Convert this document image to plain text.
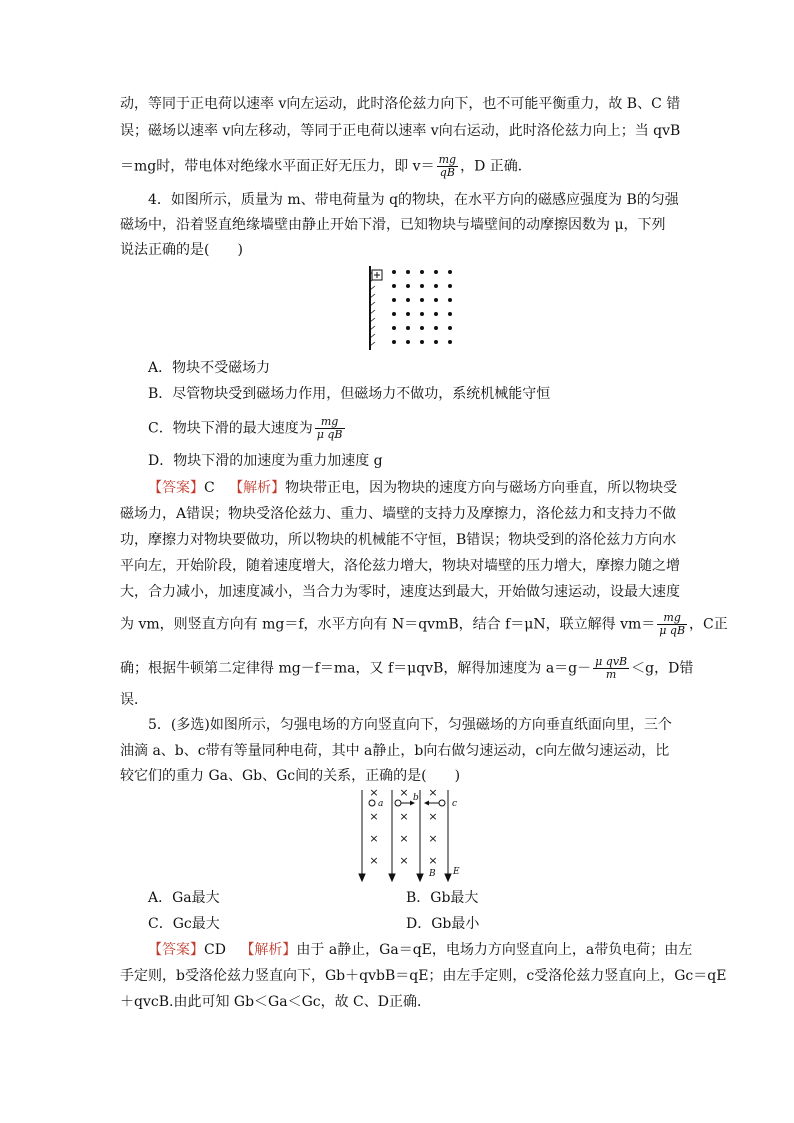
动，等同于正电荷以速率 v向左运动，此时洛伦兹力向下，也不可能平衡重力，故 B、C 错
误；磁场以速率 v向左移动，等同于正电荷以速率 v向右运动，此时洛伦兹力向上；当 qvB
＝mg时，带电体对绝缘水平面正好无压力，即 $v= \frac{mg}{qB}$ ，D 正确．
4．如图所示，质量为 m、带电荷量为 q的物块，在水平方向的磁感应强度为 B的匀强
磁场中，沿着竖直绝缘墙壁由静止开始下滑，已知物块与墙壁间的动摩擦因数为 μ，下列
说法正确的是(　　)
A．物块不受磁场力
B．尽管物块受到磁场力作用，但磁场力不做功，系统机械能守恒
C．物块下滑的最大速度为 $\frac{mg}{\text{μ qB}}$
D．物块下滑的加速度为重力加速度 g
【答案】C 【解析】物块带正电，因为物块的速度方向与磁场方向垂直，所以物块受
磁场力，A错误；物块受洛伦兹力、重力、墙壁的支持力及摩擦力，洛伦兹力和支持力不做
功，摩擦力对物块要做功，所以物块的机械能不守恒，B错误；物块受到的洛伦兹力方向水
平向左，开始阶段，随着速度增大，洛伦兹力增大，物块对墙壁的压力增大，摩擦力随之增
大，合力减小，加速度减小，当合力为零时，速度达到最大，开始做匀速运动，设最大速度
为 vm，则竖直方向有 mg＝f，水平方向有 N＝qvmB，结合 f＝μN，联立解得 $vm= \frac{mg}{\text{μ qB}}$ ，C正
确；根据牛顿第二定律得 mg－f＝ma，又 f＝μqvB，解得加速度为 $a=g- \frac{\text{μ qvB}}{m} <g$，D错
误．
5．(多选)如图所示，匀强电场的方向竖直向下，匀强磁场的方向垂直纸面向里，三个
油滴 a、b、c带有等量同种电荷，其中 a静止，b向右做匀速运动，c向左做匀速运动，比
较它们的重力 Ga、Gb、Gc间的关系，正确的是(　　)
× × ×
× × ×
× × ×
× × ×
a
b
c
B E
A．Ga最大	B．Gb最大
C．Gc最大	D．Gb最小
【答案】CD 【解析】由于 a静止，Ga＝qE，电场力方向竖直向上，a带负电荷；由左
手定则，b受洛伦兹力竖直向下，Gb＋qvbB＝qE；由左手定则，c受洛伦兹力竖直向上，Gc＝qE
＋qvcB.由此可知 Gb＜Ga＜Gc，故 C、D正确．
